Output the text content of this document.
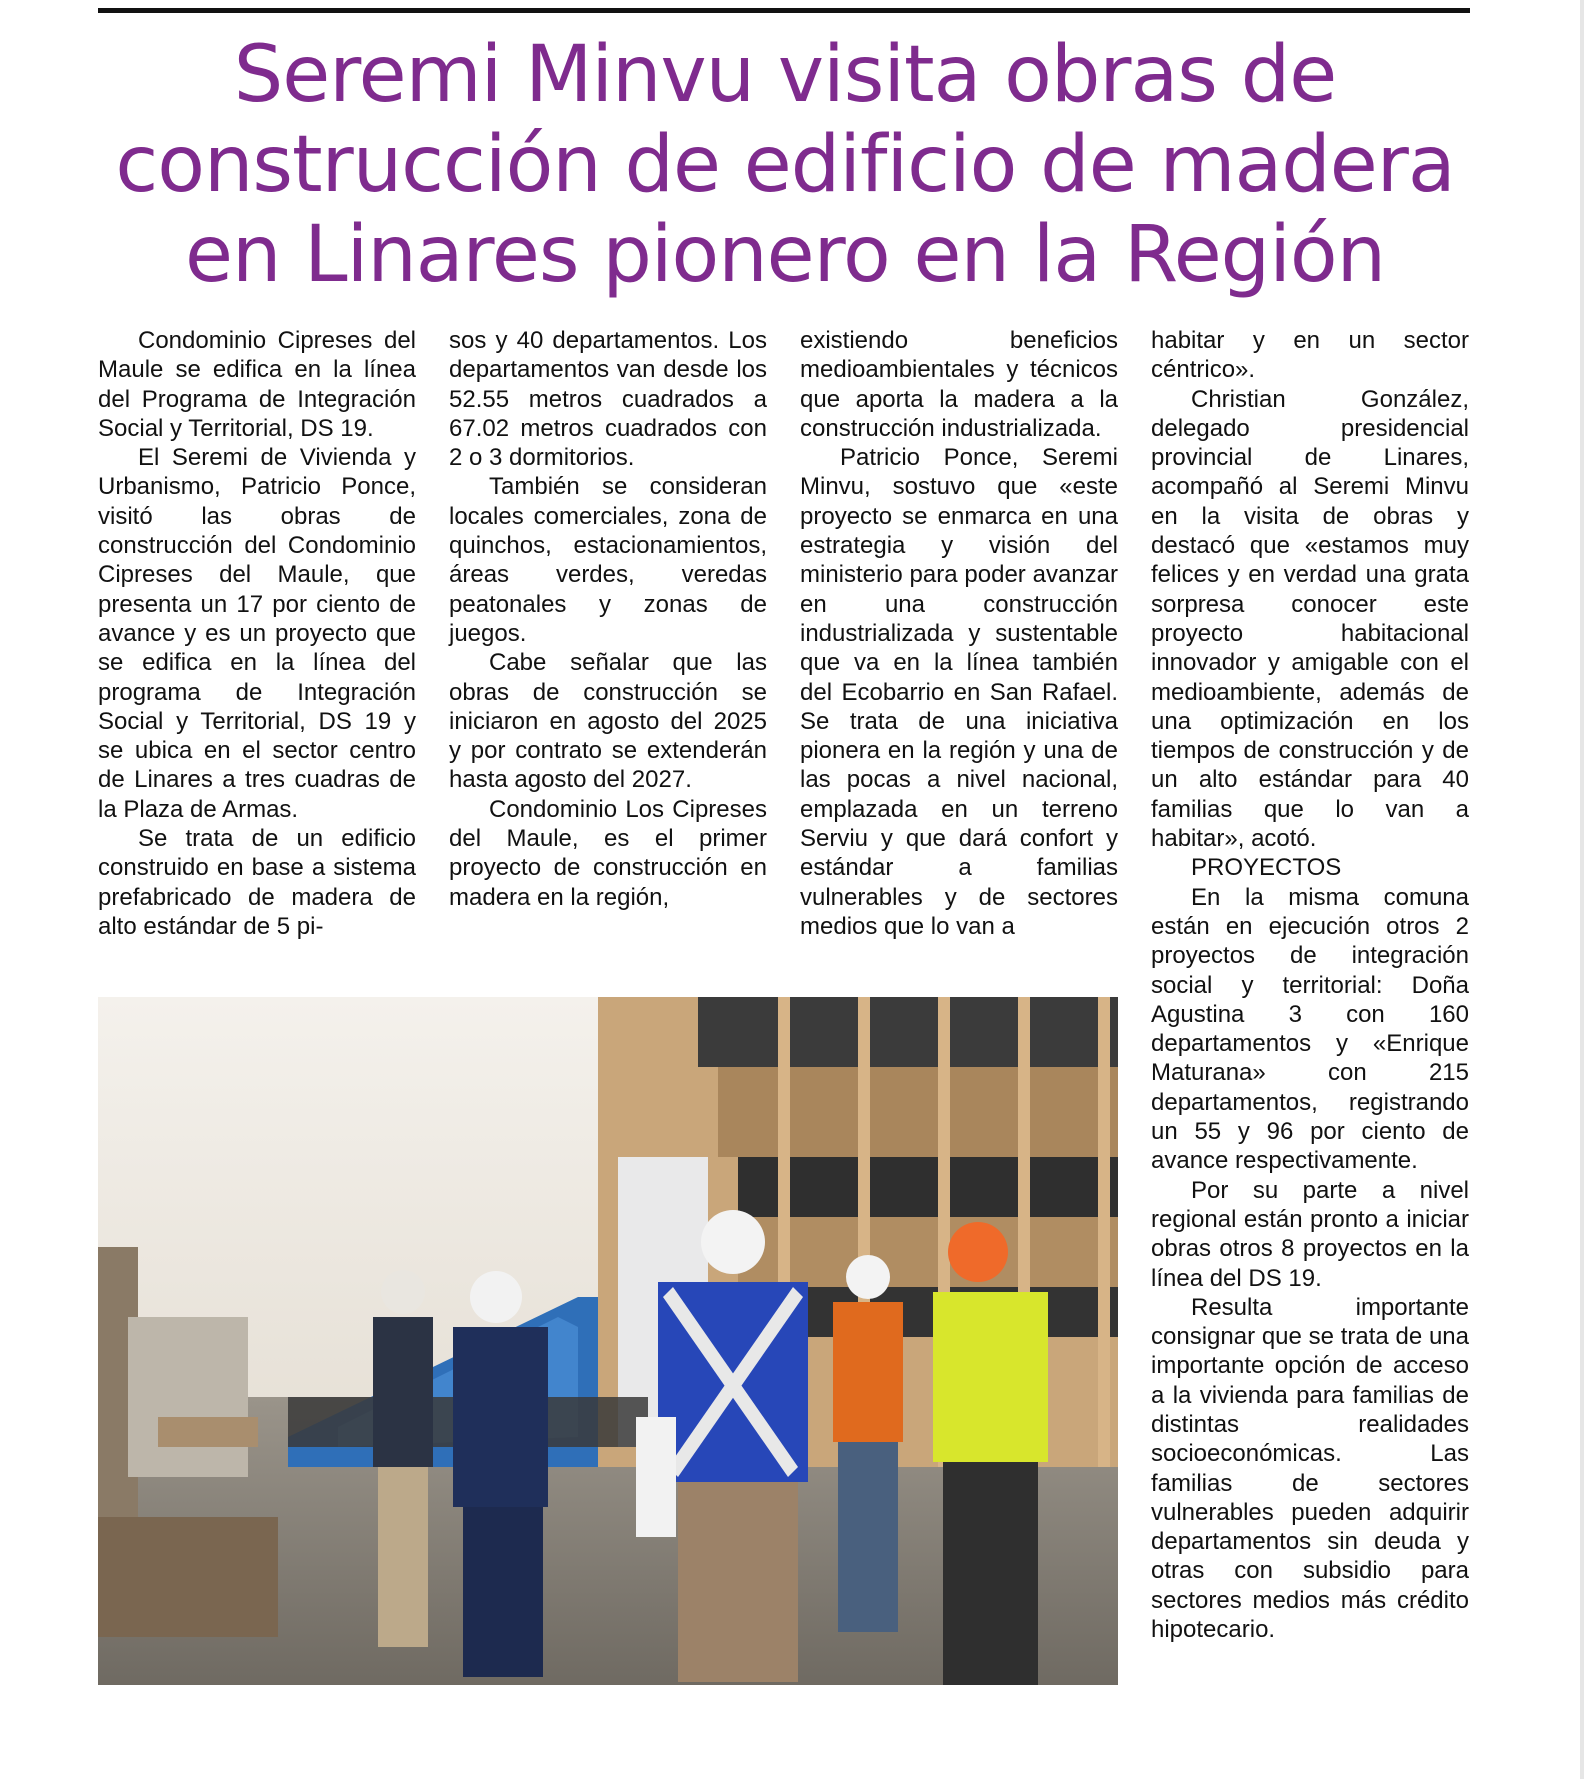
Seremi Minvu visita obras de
construcción de edificio de madera
en Linares pionero en la Región

Condominio Cipreses del Maule se edifica en la línea del Programa de Integración Social y Territorial, DS 19.

El Seremi de Vivienda y Urbanismo, Patricio Ponce, visitó las obras de construcción del Condominio Cipreses del Maule, que presenta un 17 por ciento de avance y es un proyecto que se edifica en la línea del programa de Integración Social y Territorial, DS 19 y se ubica en el sector centro de Linares a tres cuadras de la Plaza de Armas.

Se trata de un edificio construido en base a sistema prefabricado de madera de alto estándar de 5 pi-

sos y 40 departamentos. Los departamentos van desde los 52.55 metros cuadrados a 67.02 metros cuadrados con 2 o 3 dormitorios.

También se consideran locales comerciales, zona de quinchos, estacionamientos, áreas verdes, veredas peatonales y zonas de juegos.

Cabe señalar que las obras de construcción se iniciaron en agosto del 2025 y por contrato se extenderán hasta agosto del 2027.

Condominio Los Cipreses del Maule, es el primer proyecto de construcción en madera en la región,

existiendo beneficios medioambientales y técnicos que aporta la madera a la construcción industrializada.

Patricio Ponce, Seremi Minvu, sostuvo que «este proyecto se enmarca en una estrategia y visión del ministerio para poder avanzar en una construcción industrializada y sustentable que va en la línea también del Ecobarrio en San Rafael. Se trata de una iniciativa pionera en la región y una de las pocas a nivel nacional, emplazada en un terreno Serviu y que dará confort y estándar a familias vulnerables y de sectores medios que lo van a

habitar y en un sector céntrico».

Christian González, delegado presidencial provincial de Linares, acompañó al Seremi Minvu en la visita de obras y destacó que «estamos muy felices y en verdad una grata sorpresa conocer este proyecto habitacional innovador y amigable con el medioambiente, además de una optimización en los tiempos de construcción y de un alto estándar para 40 familias que lo van a habitar», acotó.

PROYECTOS

En la misma comuna están en ejecución otros 2 proyectos de integración social y territorial: Doña Agustina 3 con 160 departamentos y «Enrique Maturana» con 215 departamentos, registrando un 55 y 96 por ciento de avance respectivamente.

Por su parte a nivel regional están pronto a iniciar obras otros 8 proyectos en la línea del DS 19.

Resulta importante consignar que se trata de una importante opción de acceso a la vivienda para familias de distintas realidades socioeconómicas. Las familias de sectores vulnerables pueden adquirir departamentos sin deuda y otras con subsidio para sectores medios más crédito hipotecario.
